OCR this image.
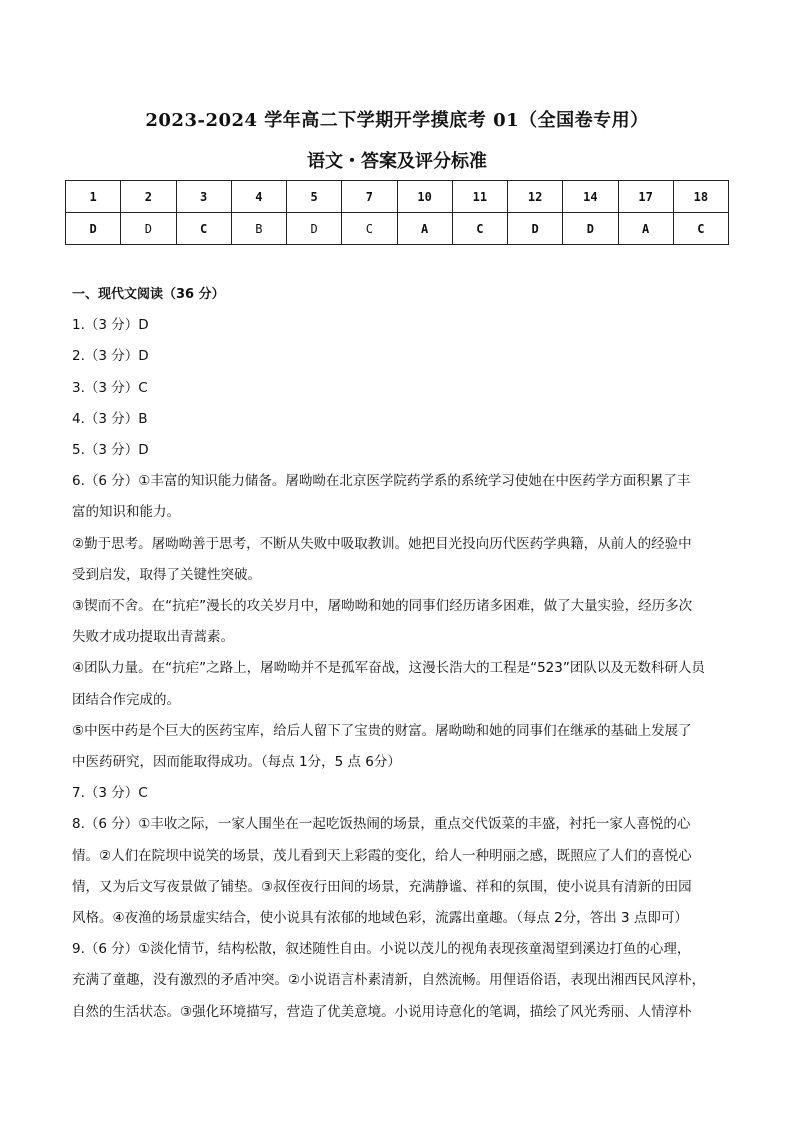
2023-2024 学年高二下学期开学摸底考 01（全国卷专用）
语文・答案及评分标准
1	2	3	4	5	7	10	11	12	14	17	18
D	D	C	B	D	C	A	C	D	D	A	C

一、现代文阅读（36 分）

1.（3 分）D

2.（3 分）D

3.（3 分）C

4.（3 分）B

5.（3 分）D

6.（6 分）①丰富的知识能力储备。屠呦呦在北京医学院药学系的系统学习使她在中医药学方面积累了丰

富的知识和能力。

②勤于思考。屠呦呦善于思考，不断从失败中吸取教训。她把目光投向历代医药学典籍，从前人的经验中

受到启发，取得了关键性突破。

③锲而不舍。在“抗疟”漫长的攻关岁月中，屠呦呦和她的同事们经历诸多困难，做了大量实验，经历多次

失败才成功提取出青蒿素。

④团队力量。在“抗疟”之路上，屠呦呦并不是孤军奋战，这漫长浩大的工程是“523”团队以及无数科研人员

团结合作完成的。

⑤中医中药是个巨大的医药宝库，给后人留下了宝贵的财富。屠呦呦和她的同事们在继承的基础上发展了

中医药研究，因而能取得成功。（每点 1分，5 点 6分）

7.（3 分）C

8.（6 分）①丰收之际，一家人围坐在一起吃饭热闹的场景，重点交代饭菜的丰盛，衬托一家人喜悦的心

情。②人们在院坝中说笑的场景，茂儿看到天上彩霞的变化，给人一种明丽之感，既照应了人们的喜悦心

情，又为后文写夜景做了铺垫。③叔侄夜行田间的场景，充满静谧、祥和的氛围，使小说具有清新的田园

风格。④夜渔的场景虚实结合，使小说具有浓郁的地域色彩，流露出童趣。（每点 2分，答出 3 点即可）

9.（6 分）①淡化情节，结构松散，叙述随性自由。小说以茂儿的视角表现孩童渴望到溪边打鱼的心理，

充满了童趣，没有激烈的矛盾冲突。②小说语言朴素清新，自然流畅。用俚语俗语，表现出湘西民风淳朴，

自然的生活状态。③强化环境描写，营造了优美意境。小说用诗意化的笔调，描绘了风光秀丽、人情淳朴
